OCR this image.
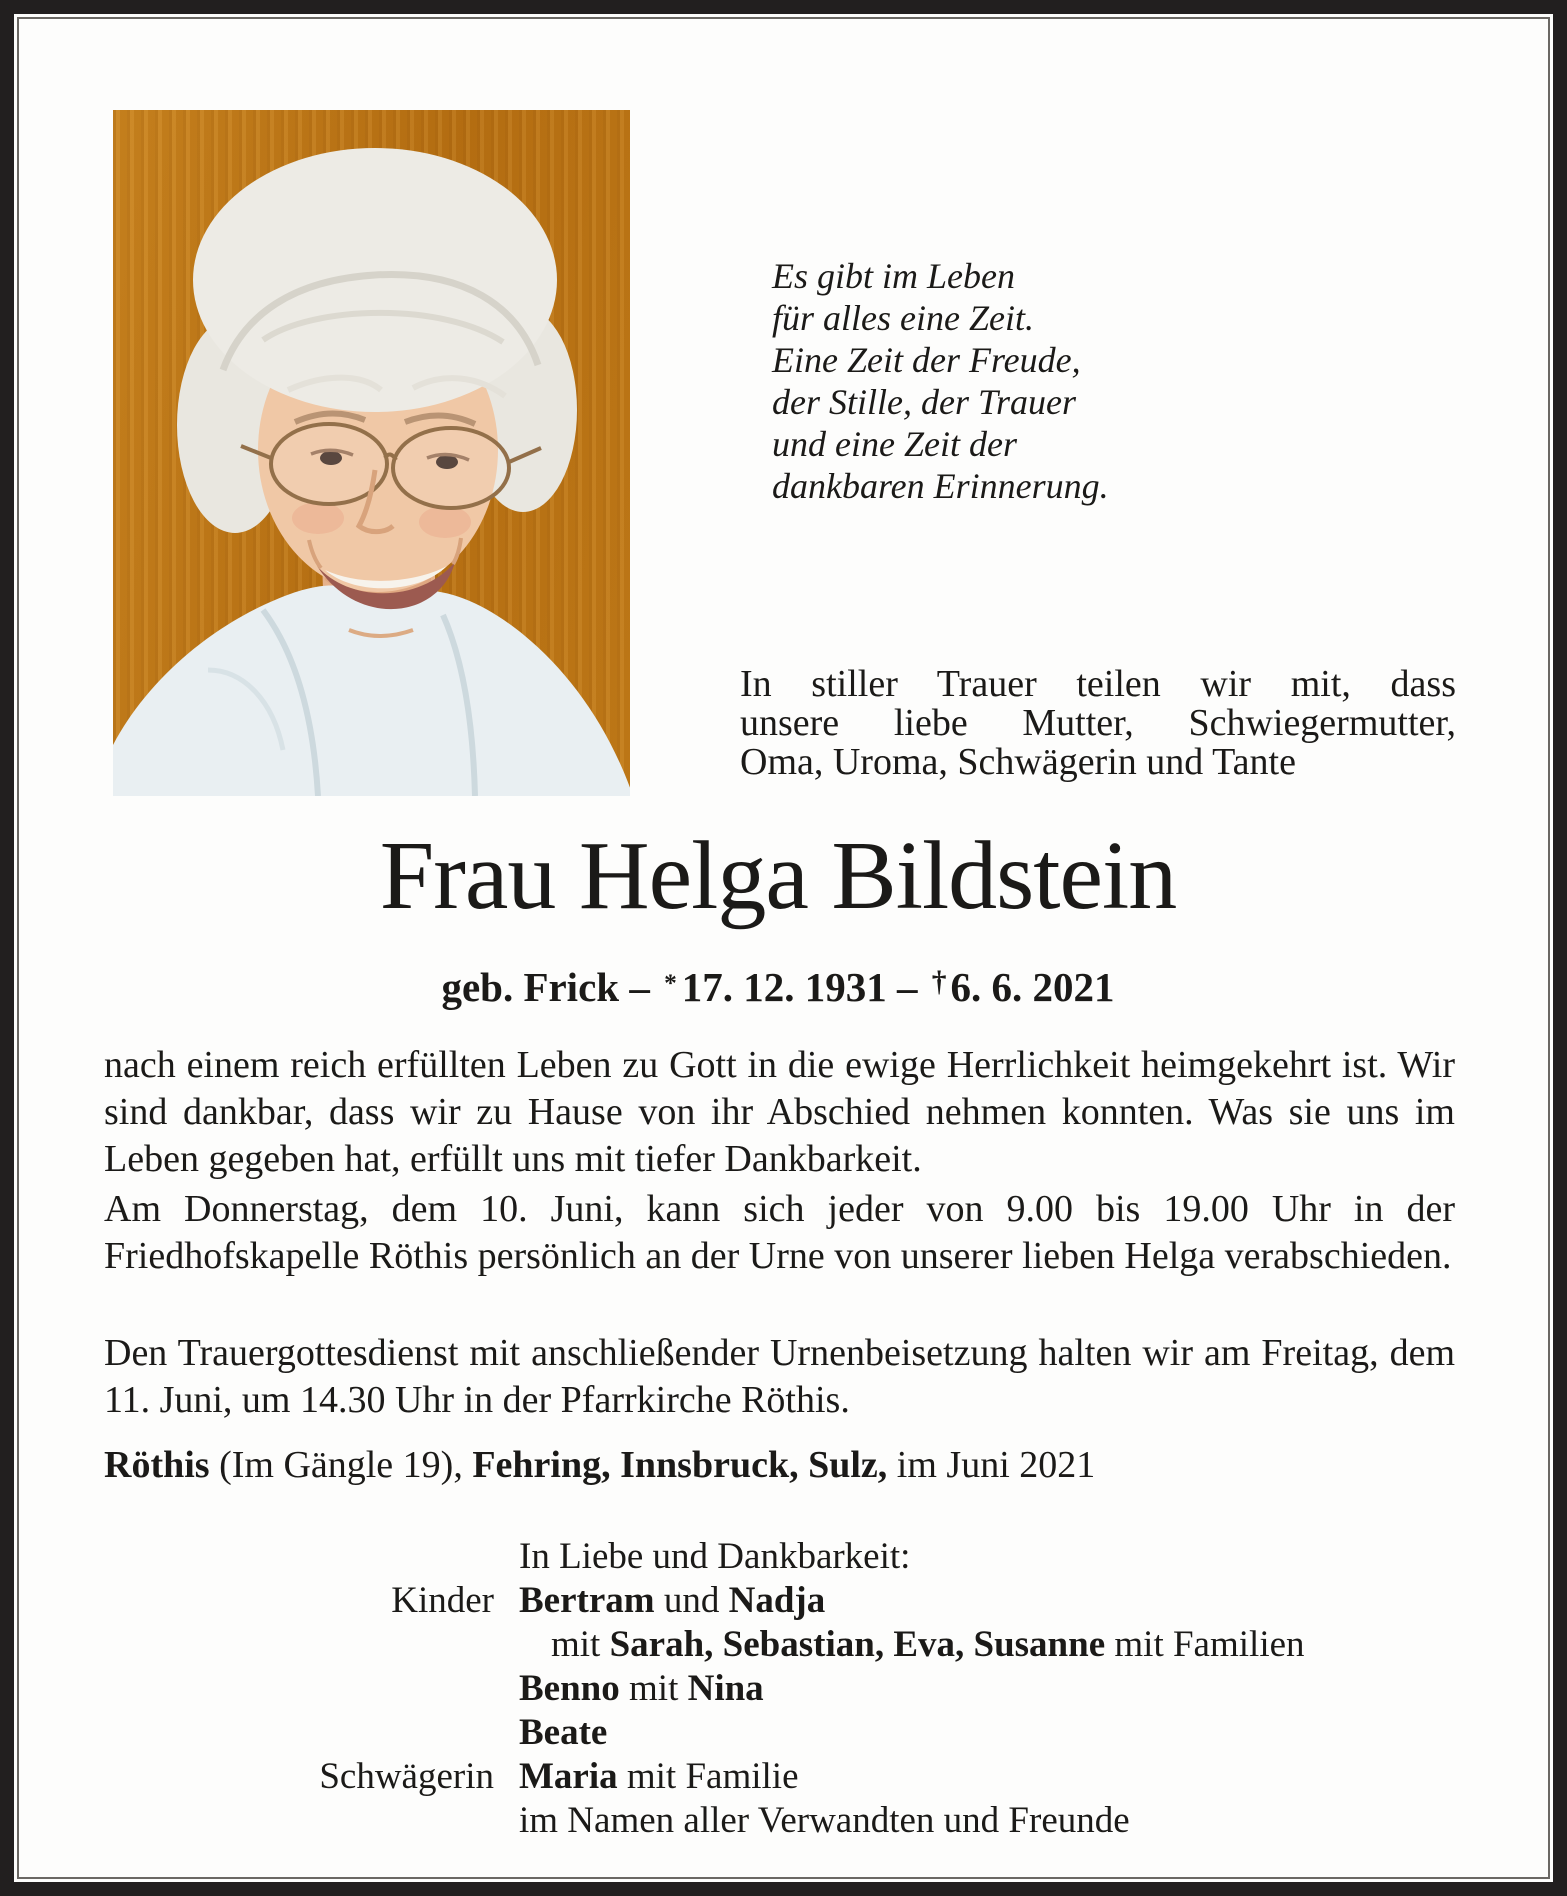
Es gibt im Leben
für alles eine Zeit.
Eine Zeit der Freude,
der Stille, der Trauer
und eine Zeit der
dankbaren Erinnerung.
In stiller Trauer teilen wir mit, dass
unsere liebe Mutter, Schwiegermutter,
Oma, Uroma, Schwägerin und Tante
Frau Helga Bildstein
geb. Frick – * 17. 12. 1931 – †6. 6. 2021
nach einem reich erfüllten Leben zu Gott in die ewige Herrlichkeit heimgekehrt ist. Wir sind dankbar, dass wir zu Hause von ihr Abschied nehmen konnten. Was sie uns im Leben gegeben hat, erfüllt uns mit tiefer Dankbarkeit.
Am Donnerstag, dem 10. Juni, kann sich jeder von 9.00 bis 19.00 Uhr in der Friedhofskapelle Röthis persönlich an der Urne von unserer lieben Helga verabschieden.
Den Trauergottesdienst mit anschließender Urnenbeisetzung halten wir am Freitag, dem 11. Juni, um 14.30 Uhr in der Pfarrkirche Röthis.
Röthis (Im Gängle 19), Fehring, Innsbruck, Sulz, im Juni 2021
In Liebe und Dankbarkeit:
Kinder Bertram und Nadja
mit Sarah, Sebastian, Eva, Susanne mit Familien
Benno mit Nina
Beate
Schwägerin Maria mit Familie
im Namen aller Verwandten und Freunde
